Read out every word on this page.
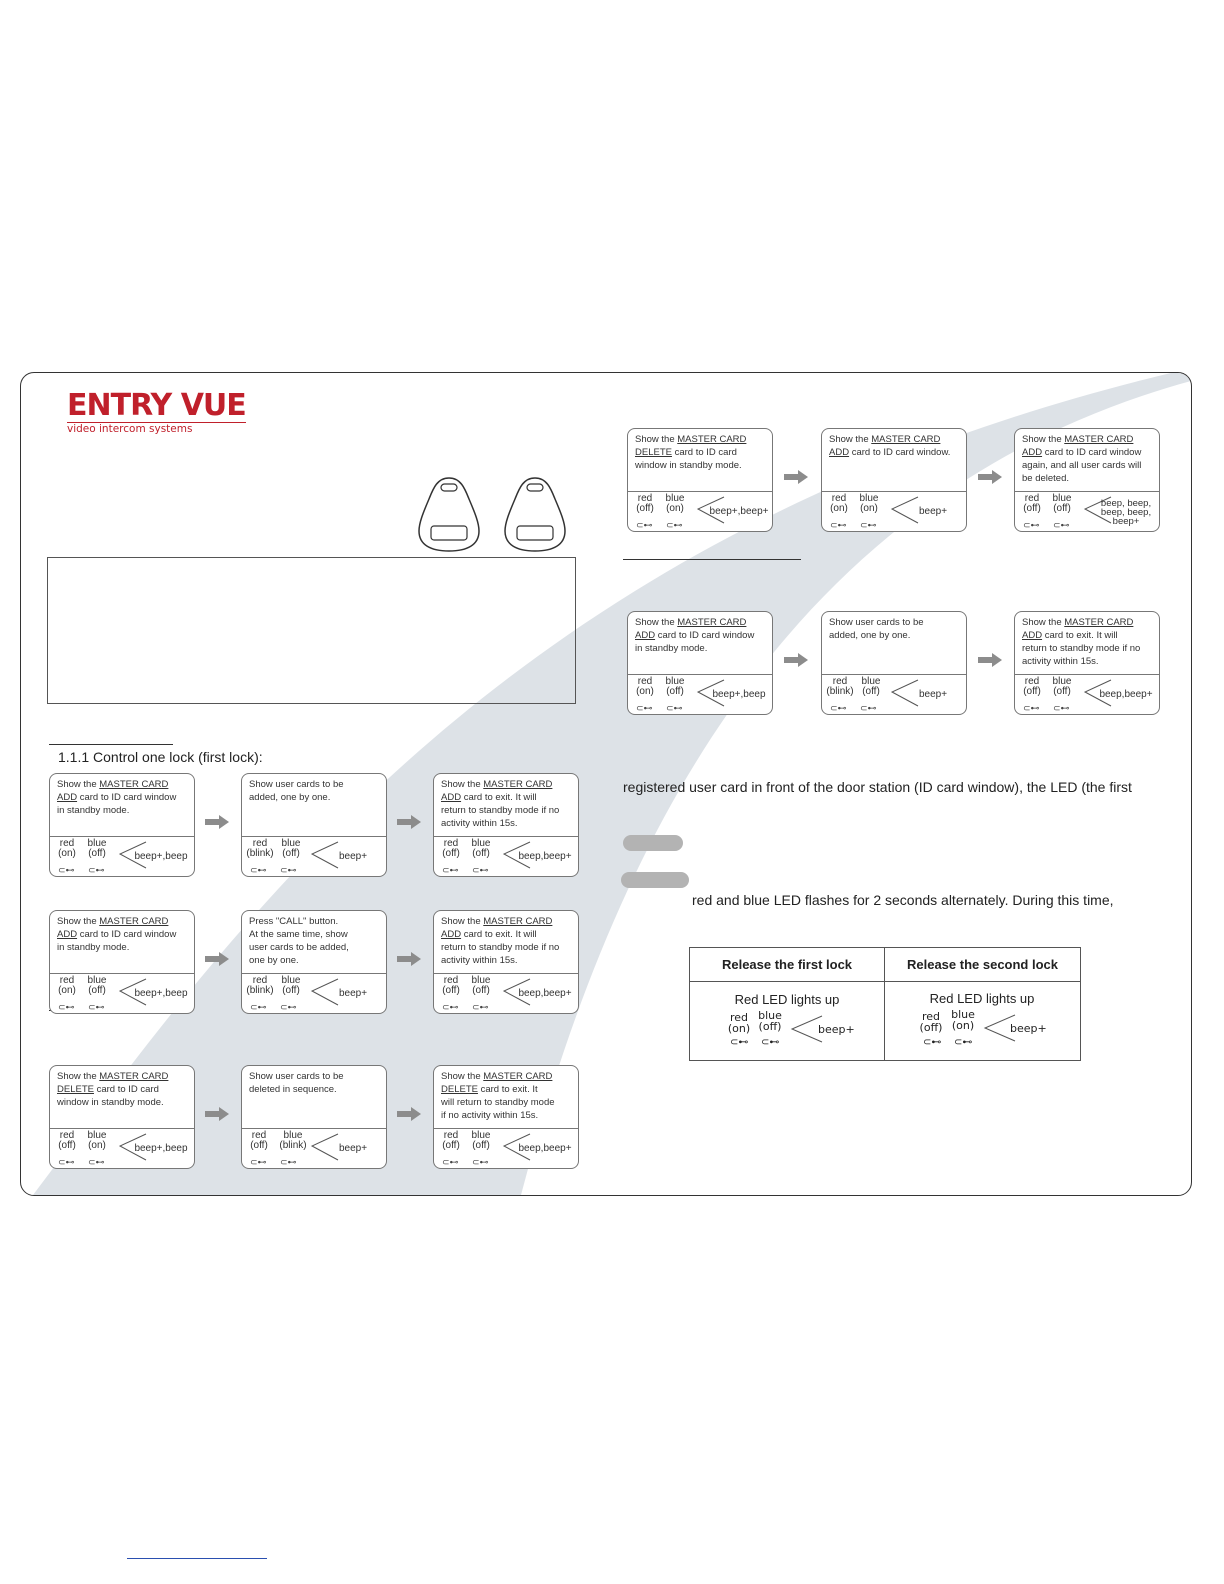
ENTRY VUE
video intercom systems
1.1.1 Control one lock (first lock):
registered user card in front of the door station (ID card window), the LED (the first
red and blue LED flashes for 2 seconds alternately. During this time,
Release the first lock	Release the second lock
Red LED lights up	Red LED lights up
red
(on)
blue
(off)
⊂⊷ ⊂⊷
beep+
red
(off)
blue
(on)
⊂⊷ ⊂⊷
beep+
Show the MASTER CARD
ADD card to ID card window
in standby mode.
red
(on)
blue
(off)
⊂⊷ ⊂⊷
beep+,beep
Show user cards to be
added, one by one.
red
(blink)
blue
(off)
⊂⊷ ⊂⊷
beep+
Show the MASTER CARD
ADD card to exit. It will
return to standby mode if no
activity within 15s.
red
(off)
blue
(off)
⊂⊷ ⊂⊷
beep,beep+
Show the MASTER CARD
ADD card to ID card window
in standby mode.
red
(on)
blue
(off)
⊂⊷ ⊂⊷
beep+,beep
Press "CALL" button.
At the same time, show
user cards to be added,
one by one.
red
(blink)
blue
(off)
⊂⊷ ⊂⊷
beep+
Show the MASTER CARD
ADD card to exit. It will
return to standby mode if no
activity within 15s.
red
(off)
blue
(off)
⊂⊷ ⊂⊷
beep,beep+
Show the MASTER CARD
DELETE card to ID card
window in standby mode.
red
(off)
blue
(on)
⊂⊷ ⊂⊷
beep+,beep
Show user cards to be
deleted in sequence.
red
(off)
blue
(blink)
⊂⊷ ⊂⊷
beep+
Show the MASTER CARD
DELETE card to exit. It
will return to standby mode
if no activity within 15s.
red
(off)
blue
(off)
⊂⊷ ⊂⊷
beep,beep+
Show the MASTER CARD
DELETE card to ID card
window in standby mode.
red
(off)
blue
(on)
⊂⊷ ⊂⊷
beep+,beep+
Show the MASTER CARD
ADD card to ID card window.
red
(on)
blue
(on)
⊂⊷ ⊂⊷
beep+
Show the MASTER CARD
ADD card to ID card window
again, and all user cards will
be deleted.
red
(off)
blue
(off)
⊂⊷ ⊂⊷
beep, beep,
beep, beep,
beep+
Show the MASTER CARD
ADD card to ID card window
in standby mode.
red
(on)
blue
(off)
⊂⊷ ⊂⊷
beep+,beep
Show user cards to be
added, one by one.
red
(blink)
blue
(off)
⊂⊷ ⊂⊷
beep+
Show the MASTER CARD
ADD card to exit. It will
return to standby mode if no
activity within 15s.
red
(off)
blue
(off)
⊂⊷ ⊂⊷
beep,beep+
